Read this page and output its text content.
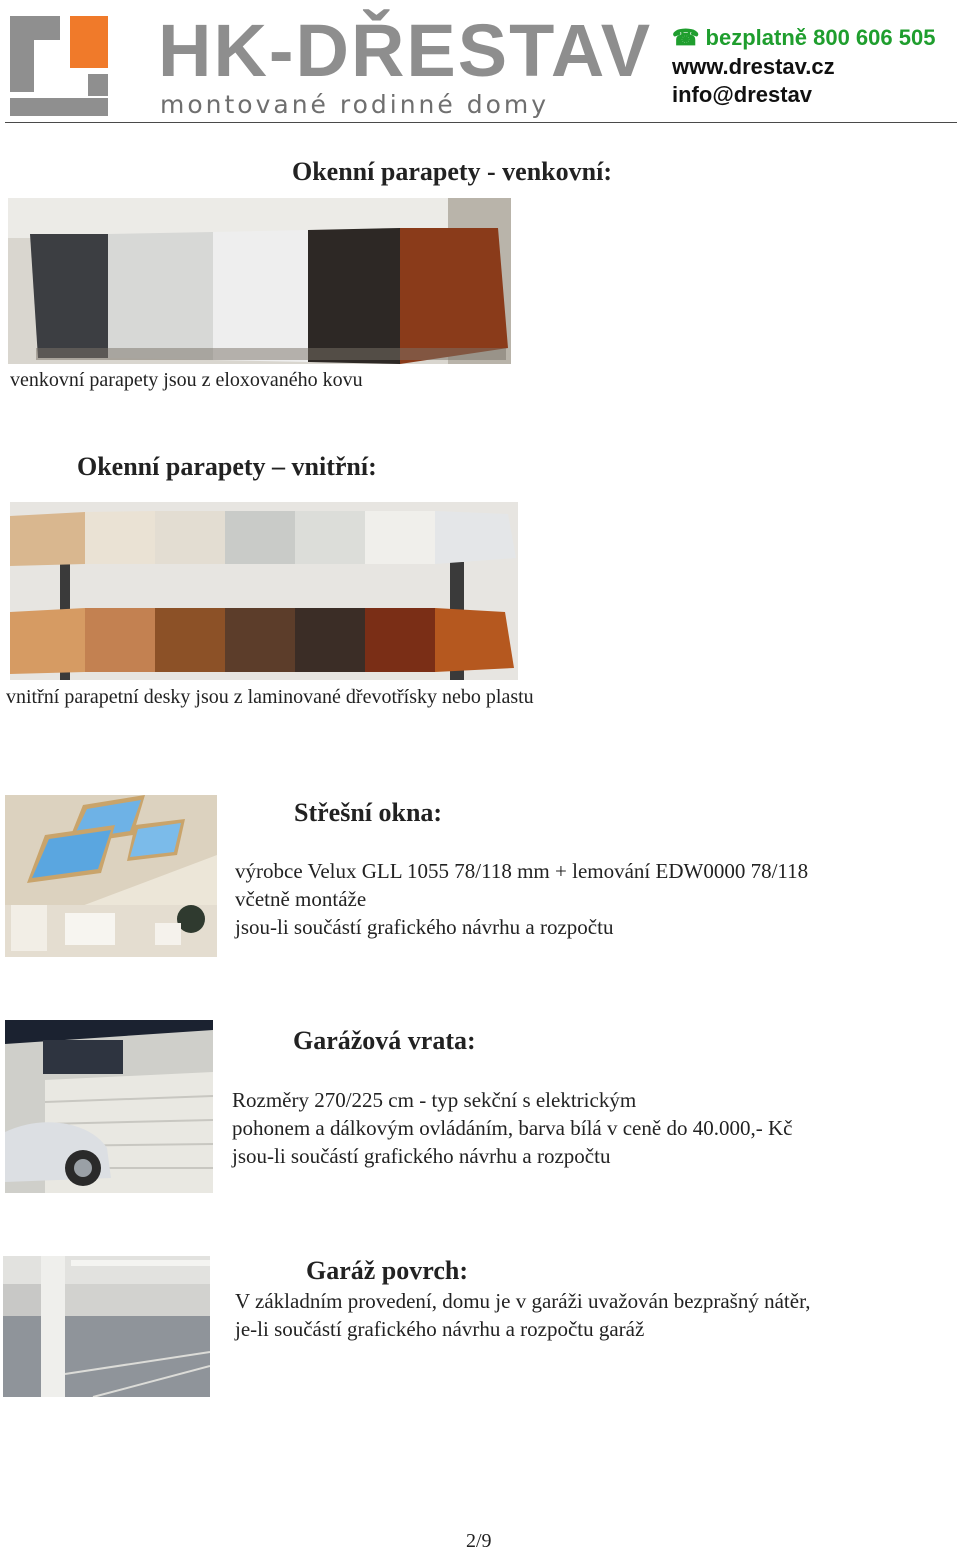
HK-DŘESTAV
montované rodinné domy
☎ bezplatně 800 606 505
www.drestav.cz
info@drestav
Okenní parapety - venkovní:
venkovní parapety jsou z eloxovaného kovu
Okenní parapety – vnitřní:
vnitřní parapetní desky jsou z laminované dřevotřísky nebo plastu
Střešní okna:

výrobce Velux GLL 1055 78/118 mm + lemování EDW0000 78/118

včetně montáže

jsou-li součástí grafického návrhu a rozpočtu

Garážová vrata:

Rozměry 270/225 cm - typ sekční s elektrickým

pohonem a dálkovým ovládáním, barva bílá v ceně do 40.000,- Kč

jsou-li součástí grafického návrhu a rozpočtu

Garáž povrch:

V základním provedení, domu je v garáži uvažován bezprašný nátěr,

je-li součástí grafického návrhu a rozpočtu garáž

2/9
